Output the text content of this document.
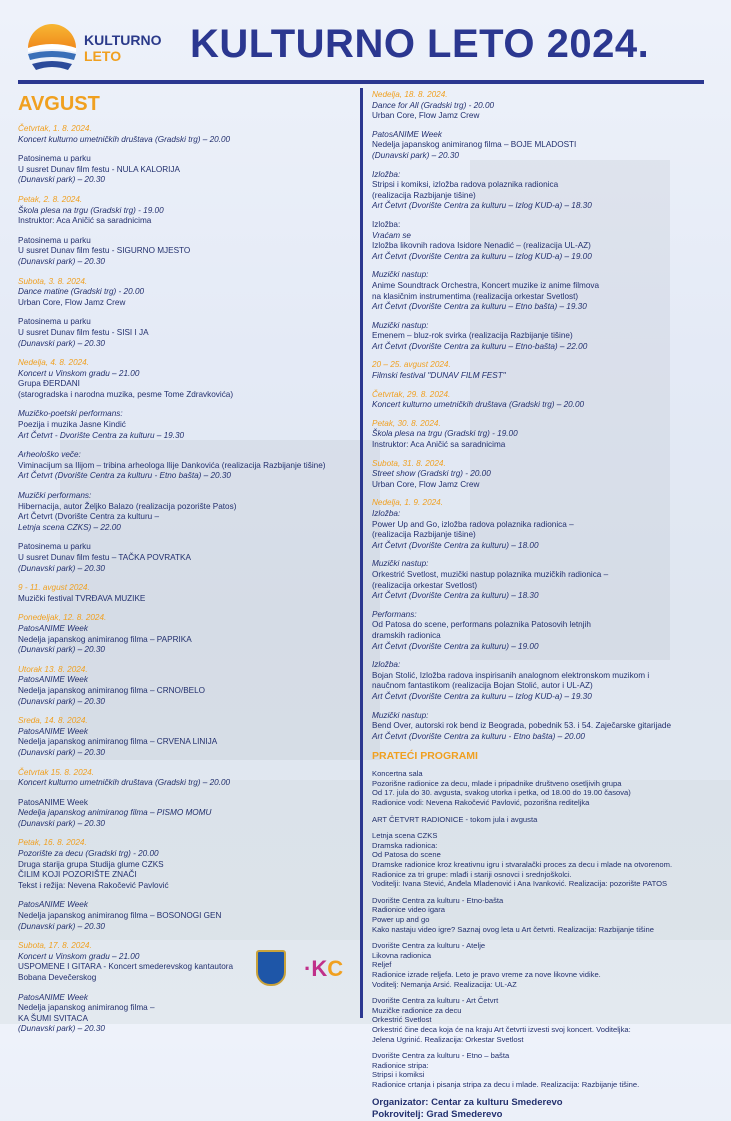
KULTURNO
LETO	KULTURNO LETO 2024.
AVGUST
Četvrtak, 1. 8. 2024.
Koncert kulturno umetničkih društava (Gradski trg) – 20.00
Patosinema u parku
U susret Dunav film festu - NULA KALORIJA
(Dunavski park) – 20.30
Petak, 2. 8. 2024.
Škola plesa na trgu (Gradski trg) - 19.00
Instruktor: Aca Aničić sa saradnicima
Patosinema u parku
U susret Dunav film festu - SIGURNO MJESTO
(Dunavski park) – 20.30
Subota, 3. 8. 2024.
Dance matine (Gradski trg) - 20.00
Urban Core, Flow Jamz Crew
Patosinema u parku
U susret Dunav film festu - SISI I JA
(Dunavski park) – 20.30
Nedelja, 4. 8. 2024.
Koncert u Vinskom gradu – 21.00
Grupa ĐERDANI
(starogradska i narodna muzika, pesme Tome Zdravkovića)
Muzičko-poetski performans:
Poezija i muzika Jasne Kindić
Art Četvrt - Dvorište Centra za kulturu – 19.30
Arheološko veče:
Viminacijum sa Ilijom – tribina arheologa Ilije Dankovića (realizacija Razbijanje tišine)
Art Četvrt (Dvorište Centra za kulturu - Etno bašta) – 20.30
Muzički performans:
Hibernacija, autor Željko Balazo (realizacija pozorište Patos)
Art Četvrt (Dvorište Centra za kulturu –
Letnja scena CZKS) – 22.00
Patosinema u parku
U susret Dunav film festu – TAČKA POVRATKA
(Dunavski park) – 20.30
9 - 11. avgust 2024.
Muzički festival TVRĐAVA MUZIKE
Ponedeljak, 12. 8. 2024.
PatosANIME Week
Nedelja japanskog animiranog filma – PAPRIKA
(Dunavski park) – 20.30
Utorak 13. 8. 2024.
PatosANIME Week
Nedelja japanskog animiranog filma – CRNO/BELO
(Dunavski park) – 20.30
Sreda, 14. 8. 2024.
PatosANIME Week
Nedelja japanskog animiranog filma – CRVENA LINIJA
(Dunavski park) – 20.30
Četvrtak 15. 8. 2024.
Koncert kulturno umetničkih društava (Gradski trg) – 20.00
PatosANIME Week
Nedelja japanskog animiranog filma – PISMO MOMU
(Dunavski park) – 20.30
Petak, 16. 8. 2024.
Pozorište za decu (Gradski trg) - 20.00
Druga starija grupa Studija glume CZKS
ČILIM KOJI POZORIŠTE ZNAČI
Tekst i režija: Nevena Rakočević Pavlović
PatosANIME Week
Nedelja japanskog animiranog filma – BOSONOGI GEN
(Dunavski park) – 20.30
Subota, 17. 8. 2024.
Koncert u Vinskom gradu – 21.00
USPOMENE I GITARA - Koncert smederevskog kantautora
Bobana Devečerskog
PatosANIME Week
Nedelja japanskog animiranog filma –
KA ŠUMI SVITACA
(Dunavski park) – 20.30
Nedelja, 18. 8. 2024.
Dance for All (Gradski trg) - 20.00
Urban Core, Flow Jamz Crew
PatosANIME Week
Nedelja japanskog animiranog filma – BOJE MLADOSTI
(Dunavski park) – 20.30
Izložba:
Stripsi i komiksi, izložba radova polaznika radionica
(realizacija Razbijanje tišine)
Art Četvrt (Dvorište Centra za kulturu – Izlog KUD-a) – 18.30
Izložba:
Vraćam se
Izložba likovnih radova Isidore Nenadić – (realizacija UL-AZ)
Art Četvrt (Dvorište Centra za kulturu – Izlog KUD-a) – 19.00
Muzički nastup:
Anime Soundtrack Orchestra, Koncert muzike iz anime filmova
na klasičnim instrumentima (realizacija orkestar Svetlost)
Art Četvrt (Dvorište Centra za kulturu – Etno bašta) – 19.30
Muzički nastup:
Emenem – bluz-rok svirka (realizacija Razbijanje tišine)
Art Četvrt (Dvorište Centra za kulturu – Etno-bašta) – 22.00
20 – 25. avgust 2024.
Filmski festival "DUNAV FILM FEST"
Četvrtak, 29. 8. 2024.
Koncert kulturno umetničkih društava (Gradski trg) – 20.00
Petak, 30. 8. 2024.
Škola plesa na trgu (Gradski trg) - 19.00
Instruktor: Aca Aničić sa saradnicima
Subota, 31. 8. 2024.
Street show (Gradski trg) - 20.00
Urban Core, Flow Jamz Crew
Nedelja, 1. 9. 2024.
Izložba:
Power Up and Go, izložba radova polaznika radionica –
(realizacija Razbijanje tišine)
Art Četvrt (Dvorište Centra za kulturu) – 18.00
Muzički nastup:
Orkestrić Svetlost, muzički nastup polaznika muzičkih radionica –
(realizacija orkestar Svetlost)
Art Četvrt (Dvorište Centra za kulturu) – 18.30
Performans:
Od Patosa do scene, performans polaznika Patosovih letnjih
dramskih radionica
Art Četvrt (Dvorište Centra za kulturu) – 19.00
Izložba:
Bojan Stolić, Izložba radova inspirisanih analognom elektronskom muzikom i
naučnom fantastikom (realizacija Bojan Stolić, autor i UL-AZ)
Art Četvrt (Dvorište Centra za kulturu – Izlog KUD-a) – 19.30
Muzički nastup:
Bend Over, autorski rok bend iz Beograda, pobednik 53. i 54. Zaječarske gitarijade
Art Četvrt (Dvorište Centra za kulturu - Etno bašta) – 20.00
PRATEĆI PROGRAMI
Koncertna sala
Pozorišne radionice za decu, mlade i pripadnike društveno osetljivih grupa
Od 17. jula do 30. avgusta, svakog utorka i petka, od 18.00 do 19.00 časova)
Radionice vodi: Nevena Rakočević Pavlović, pozorišna rediteljka
ART ČETVRT RADIONICE - tokom jula i avgusta
Letnja scena CZKS
Dramska radionica:
Od Patosa do scene
Dramske radionice kroz kreativnu igru i stvaralački proces za decu i mlade na otvorenom.
Radionice za tri grupe: mlađi i stariji osnovci i srednjoškolci.
Voditelji: Ivana Stević, Anđela Mladenović i Ana Ivanković. Realizacija: pozorište PATOS
Dvorište Centra za kulturu - Etno-bašta
Radionice video igara
Power up and go
Kako nastaju video igre? Saznaj ovog leta u Art četvrti. Realizacija: Razbijanje tišine
Dvorište Centra za kulturu - Atelje
Likovna radionica
Reljef
Radionice izrade reljefa. Leto je pravo vreme za nove likovne vidike.
Voditelj: Nemanja Arsić. Realizacija: UL-AZ
Dvorište Centra za kulturu - Art Četvrt
Muzičke radionice za decu
Orkestrić Svetlost
Orkestrić čine deca koja će na kraju Art četvrti izvesti svoj koncert. Voditeljka:
Jelena Ugrinić. Realizacija: Orkestar Svetlost
Dvorište Centra za kulturu - Etno – bašta
Radionice stripa:
Stripsi i komiksi
Radionice crtanja i pisanja stripa za decu i mlade. Realizacija: Razbijanje tišine.
Organizator: Centar za kulturu Smederevo
Pokrovitelj: Grad Smederevo
·KC
